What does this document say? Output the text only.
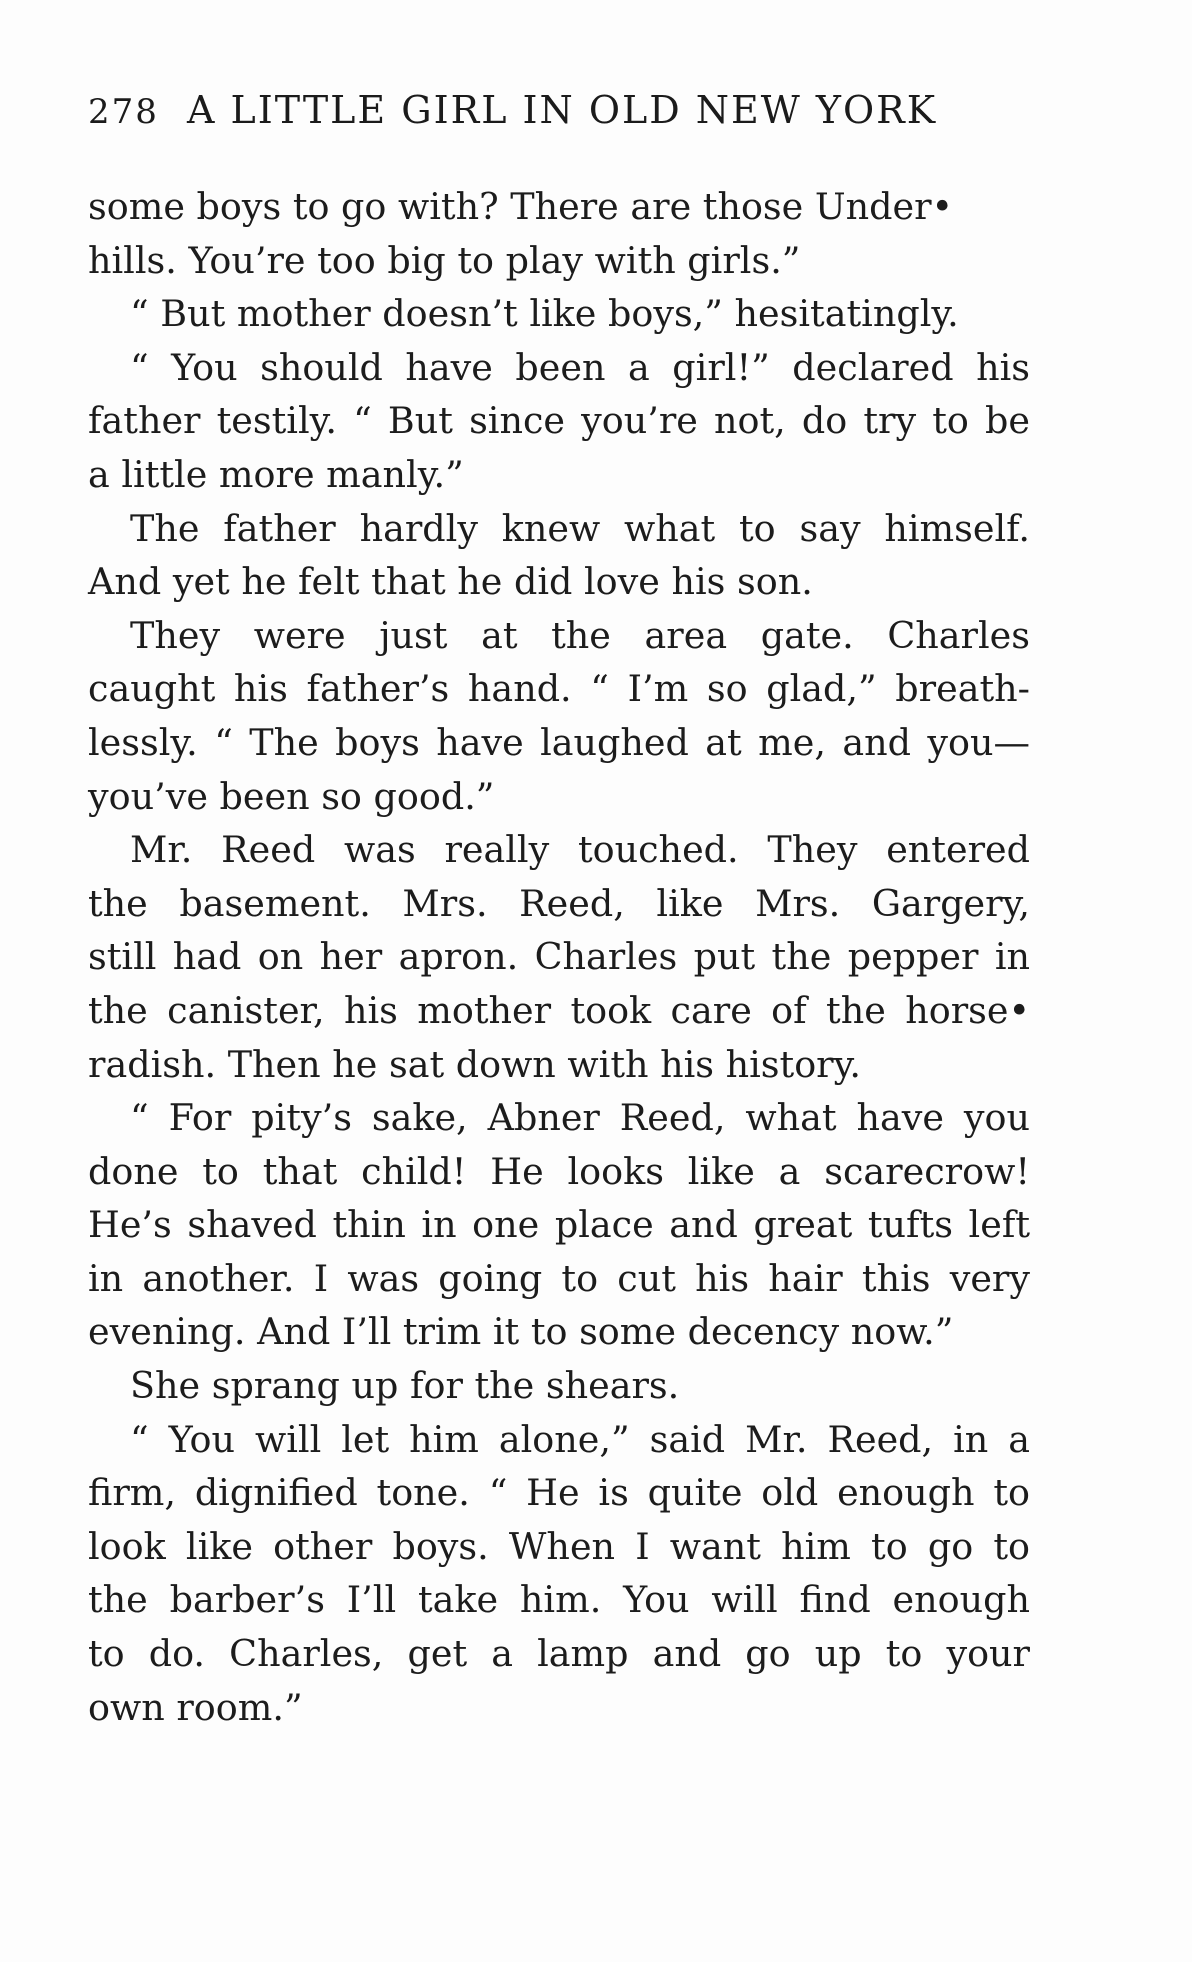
278 A LITTLE GIRL IN OLD NEW YORK
some boys to go with? There are those Under•
hills. You’re too big to play with girls.”
“ But mother doesn’t like boys,” hesitatingly.
“ You should have been a girl!” declared his
father testily. “ But since you’re not, do try to be
a little more manly.”
The father hardly knew what to say himself.
And yet he felt that he did love his son.
They were just at the area gate. Charles
caught his father’s hand. “ I’m so glad,” breath-
lessly. “ The boys have laughed at me, and you—
you’ve been so good.”
Mr. Reed was really touched. They entered
the basement. Mrs. Reed, like Mrs. Gargery,
still had on her apron. Charles put the pepper in
the canister, his mother took care of the horse•
radish. Then he sat down with his history.
“ For pity’s sake, Abner Reed, what have you
done to that child! He looks like a scarecrow!
He’s shaved thin in one place and great tufts left
in another. I was going to cut his hair this very
evening. And I’ll trim it to some decency now.”
She sprang up for the shears.
“ You will let him alone,” said Mr. Reed, in a
firm, dignified tone. “ He is quite old enough to
look like other boys. When I want him to go to
the barber’s I’ll take him. You will find enough
to do. Charles, get a lamp and go up to your
own room.”
